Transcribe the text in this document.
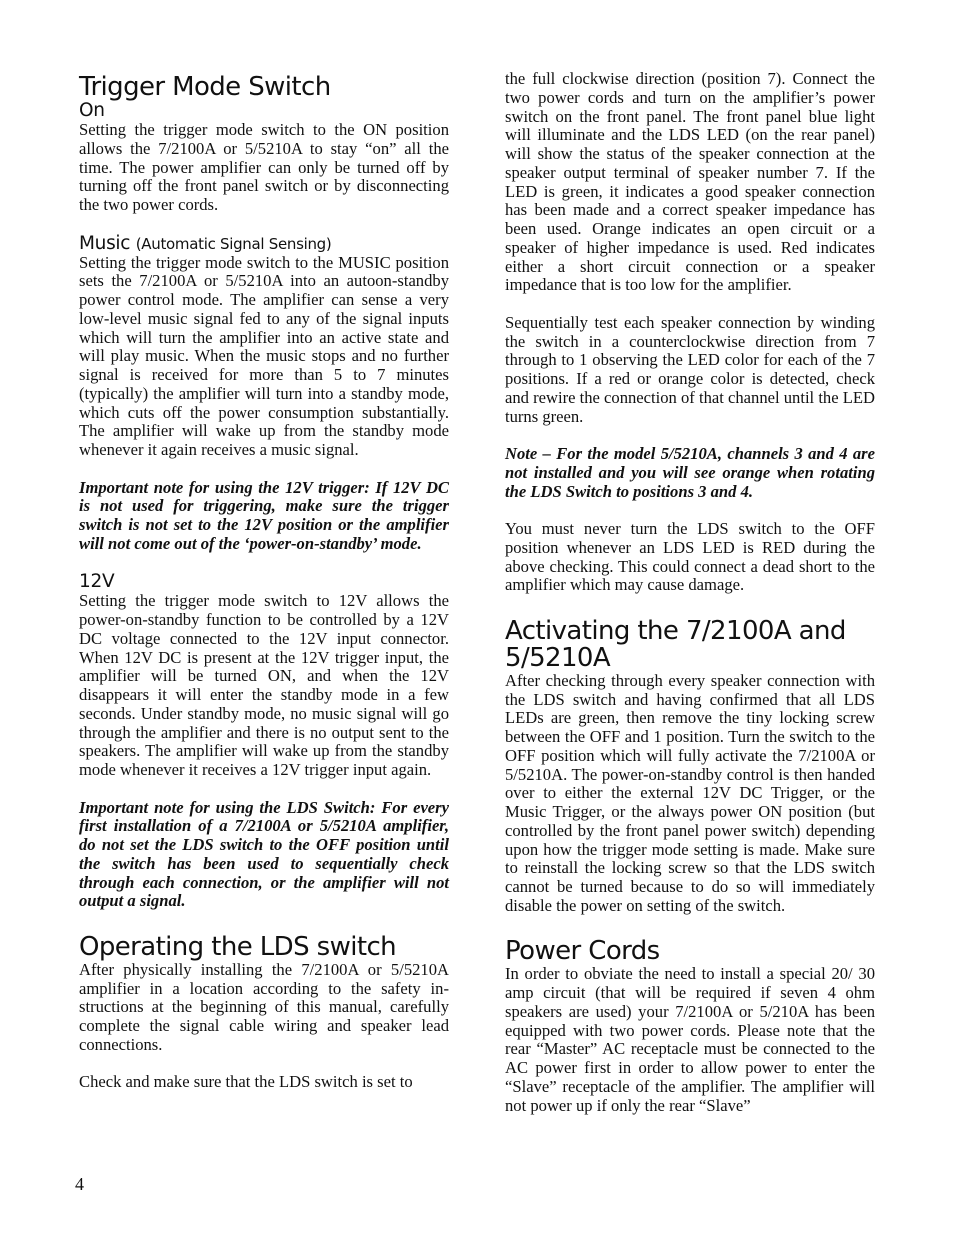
Trigger Mode Switch
On

Setting the trigger mode switch to the ON position allows the 7/2100A or 5/5210A to stay “on” all the time. The power amplifier can only be turned off by turning off the front panel switch or by disconnecting the two power cords.

Music (Automatic Signal Sensing)

Setting the trigger mode switch to the MUSIC position sets the 7/2100A or 5/5210A into an autoon-standby power control mode. The amplifier can sense a very low-level music signal fed to any of the signal inputs which will turn the amplifier into an active state and will play music. When the music stops and no further signal is received for more than 5 to 7 minutes (typically) the amplifier will turn into a standby mode, which cuts off the power consumption substantially. The amplifier will wake up from the standby mode whenever it again receives a music signal.

Important note for using the 12V trigger: If 12V DC is not used for triggering, make sure the trigger switch is not set to the 12V position or the amplifier will not come out of the ‘power-on-standby’ mode.

12V

Setting the trigger mode switch to 12V allows the power-on-standby function to be controlled by a 12V DC voltage connected to the 12V input connector. When 12V DC is present at the 12V trigger input, the amplifier will be turned ON, and when the 12V disappears it will enter the standby mode in a few seconds. Under standby mode, no music signal will go through the amplifier and there is no output sent to the speakers. The amplifier will wake up from the standby mode whenever it receives a 12V trigger input again.

Important note for using the LDS Switch: For every first installation of a 7/2100A or 5/5210A amplifier, do not set the LDS switch to the OFF position until the switch has been used to sequentially check through each connection, or the amplifier will not output a signal.

Operating the LDS switch

After physically installing the 7/2100A or 5/5210A amplifier in a location according to the safety instructions at the beginning of this manual, carefully complete the signal cable wiring and speaker lead connections.

Check and make sure that the LDS switch is set to

the full clockwise direction (position 7). Connect the two power cords and turn on the amplifier’s power switch on the front panel. The front panel blue light will illuminate and the LDS LED (on the rear panel) will show the status of the speaker connection at the speaker output terminal of speaker number 7. If the LED is green, it indicates a good speaker connection has been made and a correct speaker impedance has been used. Orange indicates an open circuit or a speaker of higher impedance is used. Red indicates either a short circuit connection or a speaker impedance that is too low for the amplifier.

Sequentially test each speaker connection by winding the switch in a counterclockwise direction from 7 through to 1 observing the LED color for each of the 7 positions. If a red or orange color is detected, check and rewire the connection of that channel until the LED turns green.

Note – For the model 5/5210A, channels 3 and 4 are not installed and you will see orange when rotating the LDS Switch to positions 3 and 4.

You must never turn the LDS switch to the OFF position whenever an LDS LED is RED during the above checking. This could connect a dead short to the amplifier which may cause damage.

Activating the 7/2100A and 5/5210A

After checking through every speaker connection with the LDS switch and having confirmed that all LDS LEDs are green, then remove the tiny locking screw between the OFF and 1 position. Turn the switch to the OFF position which will fully activate the 7/2100A or 5/5210A. The power-on-standby control is then handed over to either the external 12V DC Trigger, or the Music Trigger, or the always power ON position (but controlled by the front panel power switch) depending upon how the trigger mode setting is made. Make sure to reinstall the locking screw so that the LDS switch cannot be turned because to do so will immediately disable the power on setting of the switch.

Power Cords

In order to obviate the need to install a special 20/ 30 amp circuit (that will be required if seven 4 ohm speakers are used) your 7/2100A or 5/210A has been equipped with two power cords. Please note that the rear “Master” AC receptacle must be connected to the AC power first in order to allow power to enter the “Slave” receptacle of the amplifier. The amplifier will not power up if only the rear “Slave”

4
